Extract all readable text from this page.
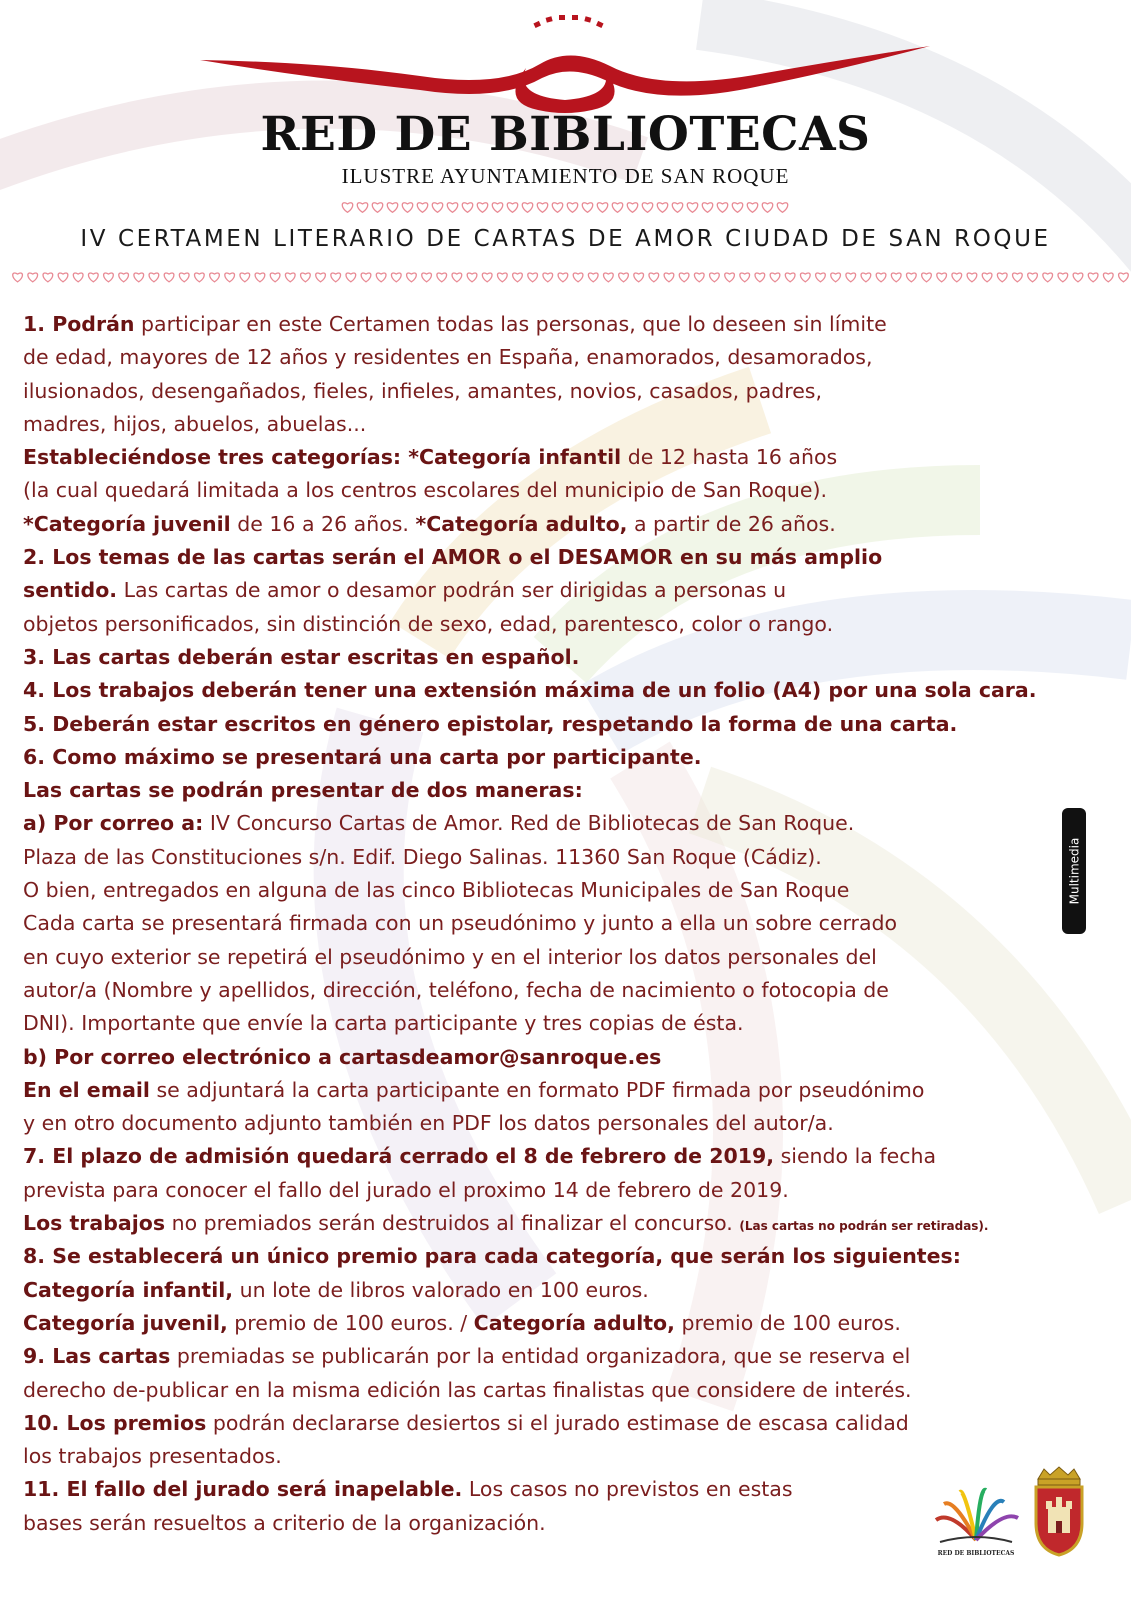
RED DE BIBLIOTECAS
ILUSTRE AYUNTAMIENTO DE SAN ROQUE
IV CERTAMEN LITERARIO DE CARTAS DE AMOR CIUDAD DE SAN ROQUE
1. Podrán participar en este Certamen todas las personas, que lo deseen sin límite
de edad, mayores de 12 años y residentes en España, enamorados, desamorados,
ilusionados, desengañados, fieles, infieles, amantes, novios, casados, padres,
madres, hijos, abuelos, abuelas...
Estableciéndose tres categorías: *Categoría infantil de 12 hasta 16 años
(la cual quedará limitada a los centros escolares del municipio de San Roque).
*Categoría juvenil de 16 a 26 años. *Categoría adulto, a partir de 26 años.
2. Los temas de las cartas serán el AMOR o el DESAMOR en su más amplio
sentido. Las cartas de amor o desamor podrán ser dirigidas a personas u
objetos personificados, sin distinción de sexo, edad, parentesco, color o rango.
3. Las cartas deberán estar escritas en español.
4. Los trabajos deberán tener una extensión máxima de un folio (A4) por una sola cara.
5. Deberán estar escritos en género epistolar, respetando la forma de una carta.
6. Como máximo se presentará una carta por participante.
Las cartas se podrán presentar de dos maneras:
a) Por correo a: IV Concurso Cartas de Amor. Red de Bibliotecas de San Roque.
Plaza de las Constituciones s/n. Edif. Diego Salinas. 11360 San Roque (Cádiz).
O bien, entregados en alguna de las cinco Bibliotecas Municipales de San Roque
Cada carta se presentará firmada con un pseudónimo y junto a ella un sobre cerrado
en cuyo exterior se repetirá el pseudónimo y en el interior los datos personales del
autor/a (Nombre y apellidos, dirección, teléfono, fecha de nacimiento o fotocopia de
DNI). Importante que envíe la carta participante y tres copias de ésta.
b) Por correo electrónico a cartasdeamor@sanroque.es
En el email se adjuntará la carta participante en formato PDF firmada por pseudónimo
y en otro documento adjunto también en PDF los datos personales del autor/a.
7. El plazo de admisión quedará cerrado el 8 de febrero de 2019, siendo la fecha
prevista para conocer el fallo del jurado el proximo 14 de febrero de 2019.
Los trabajos no premiados serán destruidos al finalizar el concurso. (Las cartas no podrán ser retiradas).
8. Se establecerá un único premio para cada categoría, que serán los siguientes:
Categoría infantil, un lote de libros valorado en 100 euros.
Categoría juvenil, premio de 100 euros. / Categoría adulto, premio de 100 euros.
9. Las cartas premiadas se publicarán por la entidad organizadora, que se reserva el
derecho de-publicar en la misma edición las cartas finalistas que considere de interés.
10. Los premios podrán declararse desiertos si el jurado estimase de escasa calidad
los trabajos presentados.
11. El fallo del jurado será inapelable. Los casos no previstos en estas
bases serán resueltos a criterio de la organización.
Multimedia
RED DE BIBLIOTECAS
